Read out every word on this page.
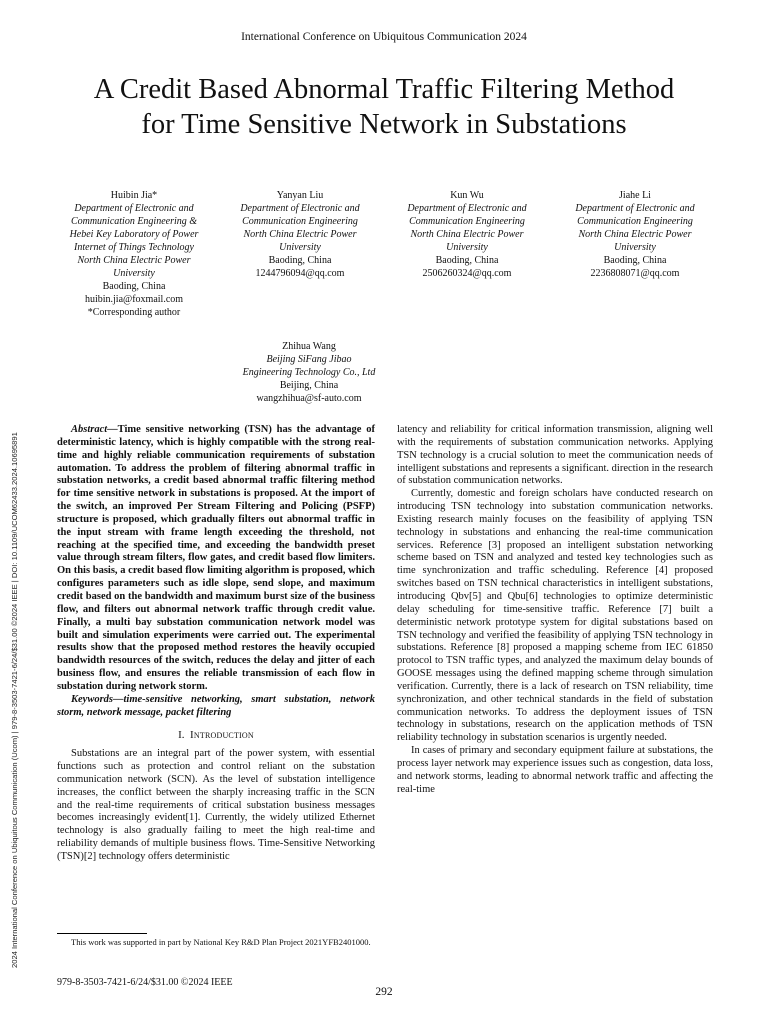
International Conference on Ubiquitous Communication 2024
A Credit Based Abnormal Traffic Filtering Method
for Time Sensitive Network in Substations
2024 International Conference on Ubiquitous Communication (Ucom) | 979-8-3503-7421-6/24/$31.00 ©2024 IEEE | DOI: 10.1109/UCOM62433.2024.10695891
Huibin Jia*
Department of Electronic and
Communication Engineering &
Hebei Key Laboratory of Power
Internet of Things Technology
North China Electric Power
University
Baoding, China
huibin.jia@foxmail.com
*Corresponding author
Yanyan Liu
Department of Electronic and
Communication Engineering
North China Electric Power
University
Baoding, China
1244796094@qq.com
Kun Wu
Department of Electronic and
Communication Engineering
North China Electric Power
University
Baoding, China
2506260324@qq.com
Jiahe Li
Department of Electronic and
Communication Engineering
North China Electric Power
University
Baoding, China
2236808071@qq.com
Zhihua Wang
Beijing SiFang Jibao
Engineering Technology Co., Ltd
Beijing, China
wangzhihua@sf-auto.com

Abstract—Time sensitive networking (TSN) has the advantage of deterministic latency, which is highly compatible with the strong real-time and highly reliable communication requirements of substation automation. To address the problem of filtering abnormal traffic in substation networks, a credit based abnormal traffic filtering method for time sensitive network in substations is proposed. At the import of the switch, an improved Per Stream Filtering and Policing (PSFP) structure is proposed, which gradually filters out abnormal traffic in the input stream with frame length exceeding the threshold, not reaching at the specified time, and exceeding the bandwidth preset value through stream filters, flow gates, and credit based flow limiters. On this basis, a credit based flow limiting algorithm is proposed, which configures parameters such as idle slope, send slope, and maximum credit based on the bandwidth and maximum burst size of the business flow, and filters out abnormal network traffic through credit value. Finally, a multi bay substation communication network model was built and simulation experiments were carried out. The experimental results show that the proposed method restores the heavily occupied bandwidth resources of the switch, reduces the delay and jitter of each business flow, and ensures the reliable transmission of each flow in substation during network storm.

Keywords—time-sensitive networking, smart substation, network storm, network message, packet filtering

I. Introduction

Substations are an integral part of the power system, with essential functions such as protection and control reliant on the substation communication network (SCN). As the level of substation intelligence increases, the conflict between the sharply increasing traffic in the SCN and the real-time requirements of critical substation business messages becomes increasingly evident[1]. Currently, the widely utilized Ethernet technology is also gradually failing to meet the high real-time and reliability demands of multiple business flows. Time-Sensitive Networking (TSN)[2] technology offers deterministic

latency and reliability for critical information transmission, aligning well with the requirements of substation communication networks. Applying TSN technology is a crucial solution to meet the communication needs of intelligent substations and represents a significant. direction in the research of substation communication networks.

Currently, domestic and foreign scholars have conducted research on introducing TSN technology into substation communication networks. Existing research mainly focuses on the feasibility of applying TSN technology in substations and enhancing the real-time communication services. Reference [3] proposed an intelligent substation networking scheme based on TSN and analyzed and tested key technologies such as time synchronization and traffic scheduling. Reference [4] proposed switches based on TSN technical characteristics in intelligent substations, introducing Qbv[5] and Qbu[6] technologies to optimize deterministic delay scheduling for time-sensitive traffic. Reference [7] built a deterministic network prototype system for digital substations based on TSN technology and verified the feasibility of applying TSN technology in substations. Reference [8] proposed a mapping scheme from IEC 61850 protocol to TSN traffic types, and analyzed the maximum delay bounds of GOOSE messages using the defined mapping scheme through simulation verification. Currently, there is a lack of research on TSN reliability, time synchronization, and other technical standards in the field of substation communication networks. To address the deployment issues of TSN technology in substations, research on the application methods of TSN reliability technology in substation scenarios is urgently needed.

In cases of primary and secondary equipment failure at substations, the process layer network may experience issues such as congestion, data loss, and network storms, leading to abnormal network traffic and affecting the real-time

This work was supported in part by National Key R&D Plan Project 2021YFB2401000.
979-8-3503-7421-6/24/$31.00 ©2024 IEEE
292
